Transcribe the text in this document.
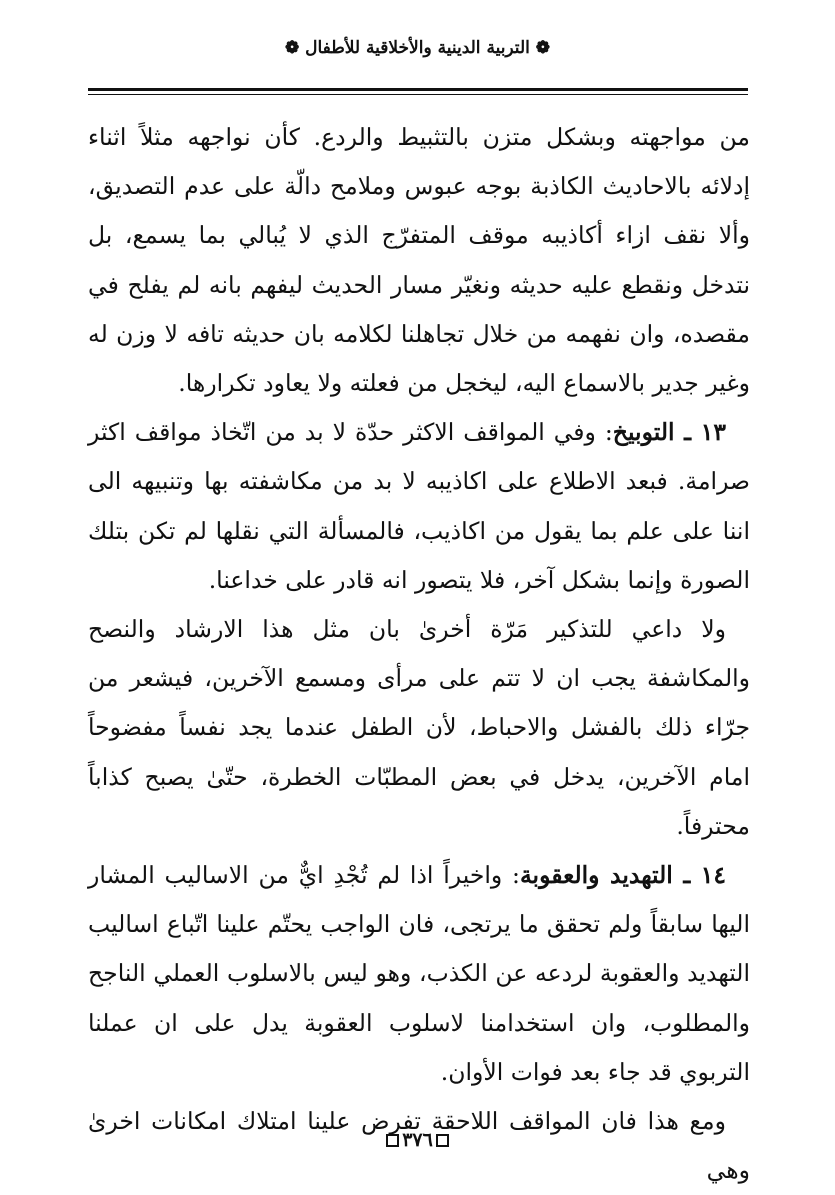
❁ التربية الدينية والأخلاقية للأطفال ❁

من مواجهته وبشكل متزن بالتثبيط والردع. كأن نواجهه مثلاً اثناء إدلائه بالاحاديث الكاذبة بوجه عبوس وملامح دالّة على عدم التصديق، وألا نقف ازاء أكاذيبه موقف المتفرّج الذي لا يُبالي بما يسمع، بل نتدخل ونقطع عليه حديثه ونغيّر مسار الحديث ليفهم بانه لم يفلح في مقصده، وان نفهمه من خلال تجاهلنا لكلامه بان حديثه تافه لا وزن له وغير جدير بالاسماع اليه، ليخجل من فعلته ولا يعاود تكرارها.

١٣ ـ التوبيخ: وفي المواقف الاكثر حدّة لا بد من اتّخاذ مواقف اكثر صرامة. فبعد الاطلاع على اكاذيبه لا بد من مكاشفته بها وتنبيهه الى اننا على علم بما يقول من اكاذيب، فالمسألة التي نقلها لم تكن بتلك الصورة وإنما بشكل آخر، فلا يتصور انه قادر على خداعنا.

ولا داعي للتذكير مَرّة أخرىٰ بان مثل هذا الارشاد والنصح والمكاشفة يجب ان لا تتم على مرأى ومسمع الآخرين، فيشعر من جرّاء ذلك بالفشل والاحباط، لأن الطفل عندما يجد نفساً مفضوحاً امام الآخرين، يدخل في بعض المطبّات الخطرة، حتّىٰ يصبح كذاباً محترفاً.

١٤ ـ التهديد والعقوبة: واخيراً اذا لم تُجْدِ ايٌّ من الاساليب المشار اليها سابقاً ولم تحقق ما يرتجى، فان الواجب يحتّم علينا اتّباع اساليب التهديد والعقوبة لردعه عن الكذب، وهو ليس بالاسلوب العملي الناجح والمطلوب، وان استخدامنا لاسلوب العقوبة يدل على ان عملنا التربوي قد جاء بعد فوات الأوان.

ومع هذا فان المواقف اللاحقة تفرض علينا امتلاك امكانات اخرىٰ وهي

٣٧٦
